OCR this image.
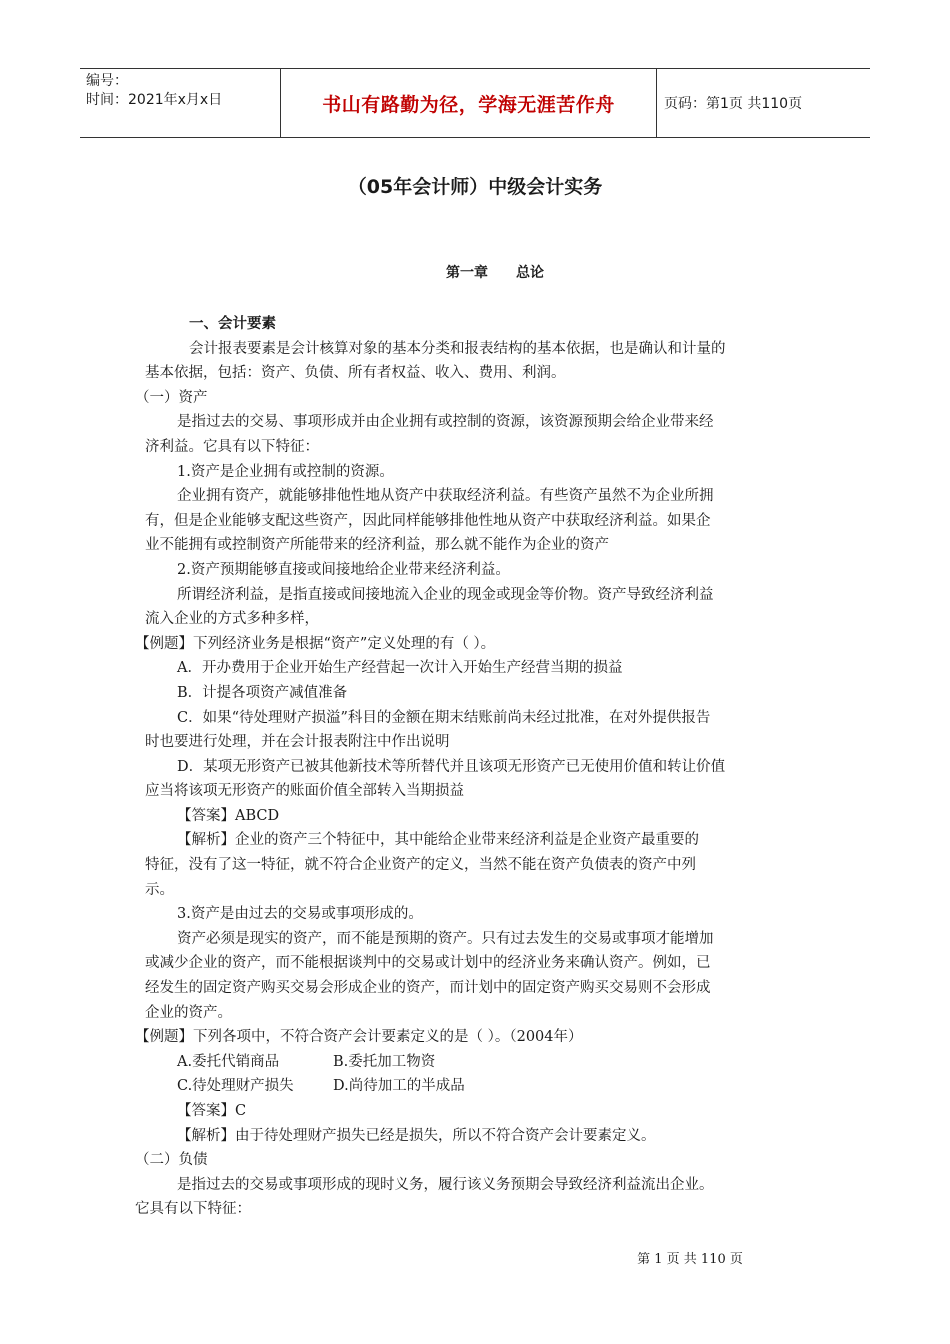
编号：
时间：2021年x月x日	书山有路勤为径，学海无涯苦作舟	页码：第1页 共110页
（05年会计师）中级会计实务
第一章 总论
一、会计要素
会计报表要素是会计核算对象的基本分类和报表结构的基本依据，也是确认和计量的
基本依据，包括：资产、负债、所有者权益、收入、费用、利润。
（一）资产
是指过去的交易、事项形成并由企业拥有或控制的资源，该资源预期会给企业带来经
济利益。它具有以下特征：
1.资产是企业拥有或控制的资源。
企业拥有资产，就能够排他性地从资产中获取经济利益。有些资产虽然不为企业所拥
有，但是企业能够支配这些资产，因此同样能够排他性地从资产中获取经济利益。如果企
业不能拥有或控制资产所能带来的经济利益，那么就不能作为企业的资产
2.资产预期能够直接或间接地给企业带来经济利益。
所谓经济利益，是指直接或间接地流入企业的现金或现金等价物。资产导致经济利益
流入企业的方式多种多样，
【例题】下列经济业务是根据“资产”定义处理的有（ ）。
A．开办费用于企业开始生产经营起一次计入开始生产经营当期的损益
B．计提各项资产减值准备
C．如果“待处理财产损溢”科目的金额在期末结账前尚未经过批准，在对外提供报告
时也要进行处理，并在会计报表附注中作出说明
D．某项无形资产已被其他新技术等所替代并且该项无形资产已无使用价值和转让价值
应当将该项无形资产的账面价值全部转入当期损益
【答案】ABCD
【解析】企业的资产三个特征中，其中能给企业带来经济利益是企业资产最重要的
特征，没有了这一特征，就不符合企业资产的定义，当然不能在资产负债表的资产中列
示。
3.资产是由过去的交易或事项形成的。
资产必须是现实的资产，而不能是预期的资产。只有过去发生的交易或事项才能增加
或减少企业的资产，而不能根据谈判中的交易或计划中的经济业务来确认资产。例如，已
经发生的固定资产购买交易会形成企业的资产，而计划中的固定资产购买交易则不会形成
企业的资产。
【例题】下列各项中，不符合资产会计要素定义的是（ ）。（2004年）
A.委托代销商品	B.委托加工物资
C.待处理财产损失	D.尚待加工的半成品
【答案】C
【解析】由于待处理财产损失已经是损失，所以不符合资产会计要素定义。
（二）负债
是指过去的交易或事项形成的现时义务，履行该义务预期会导致经济利益流出企业。
它具有以下特征：
第 1 页 共 110 页
